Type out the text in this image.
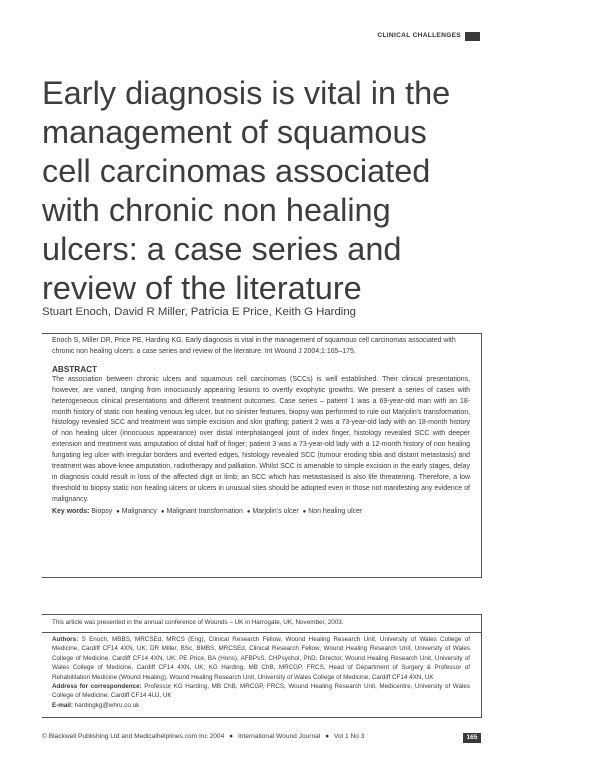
CLINICAL CHALLENGES
Early diagnosis is vital in the management of squamous cell carcinomas associated with chronic non healing ulcers: a case series and review of the literature
Stuart Enoch, David R Miller, Patricia E Price, Keith G Harding

Enoch S, Miller DR, Price PE, Harding KG. Early diagnosis is vital in the management of squamous cell carcinomas associated with chronic non healing ulcers: a case series and review of the literature. Int Wound J 2004;1:165–175.

ABSTRACT

The association between chronic ulcers and squamous cell carcinomas (SCCs) is well established. Their clinical presentations, however, are varied, ranging from innocuously appearing lesions to overtly exophytic growths. We present a series of cases with heterogeneous clinical presentations and different treatment outcomes. Case series – patient 1 was a 69-year-old man with an 18-month history of static non healing venous leg ulcer, but no sinister features, biopsy was performed to rule out Marjolin’s transformation, histology revealed SCC and treatment was simple excision and skin grafting; patient 2 was a 73-year-old lady with an 18-month history of non healing ulcer (innocuous appearance) over distal interphalangeal joint of index finger, histology revealed SCC with deeper extension and treatment was amputation of distal half of finger; patient 3 was a 73-year-old lady with a 12-month history of non healing fungating leg ulcer with irregular borders and everted edges, histology revealed SCC (tumour eroding tibia and distant metastasis) and treatment was above-knee amputation, radiotherapy and palliation. Whilst SCC is amenable to simple excision in the early stages, delay in diagnosis could result in loss of the affected digit or limb; an SCC which has metastasised is also life threatening. Therefore, a low threshold to biopsy static non healing ulcers or ulcers in unusual sites should be adopted even in those not manifesting any evidence of malignancy.

Key words: Biopsy ● Malignancy ● Malignant transformation ● Marjolin’s ulcer ● Non healing ulcer

This article was presented in the annual conference of Wounds – UK in Harrogate, UK, November, 2003.

Authors: S Enoch, MBBS, MRCSEd, MRCS (Eng), Clinical Research Fellow, Wound Healing Research Unit, University of Wales College of Medicine, Cardiff CF14 4XN, UK; DR Miller, BSc, BMBS, MRCSEd, Clinical Research Fellow, Wound Healing Research Unit, University of Wales College of Medicine, Cardiff CF14 4XN, UK; PE Price, BA (Hons), AFBPsS, CHPsychol, PhD, Director, Wound Healing Research Unit, University of Wales College of Medicine, Cardiff CF14 4XN, UK; KG Harding, MB ChB, MRCGP, FRCS, Head of Department of Surgery & Professor of Rehabilitation Medicine (Wound Healing), Wound Healing Research Unit, University of Wales College of Medicine, Cardiff CF14 4XN, UK

Address for correspondence: Professor KG Harding, MB ChB, MRCGP, FRCS, Wound Healing Research Unit, Medicentre, University of Wales College of Medicine, Cardiff CF14 4UJ, UK

E-mail: hardingkg@whru.co.uk

© Blackwell Publishing Ltd and Medicalhelplines.com Inc 2004 ● International Wound Journal ● Vol 1 No 3	165
